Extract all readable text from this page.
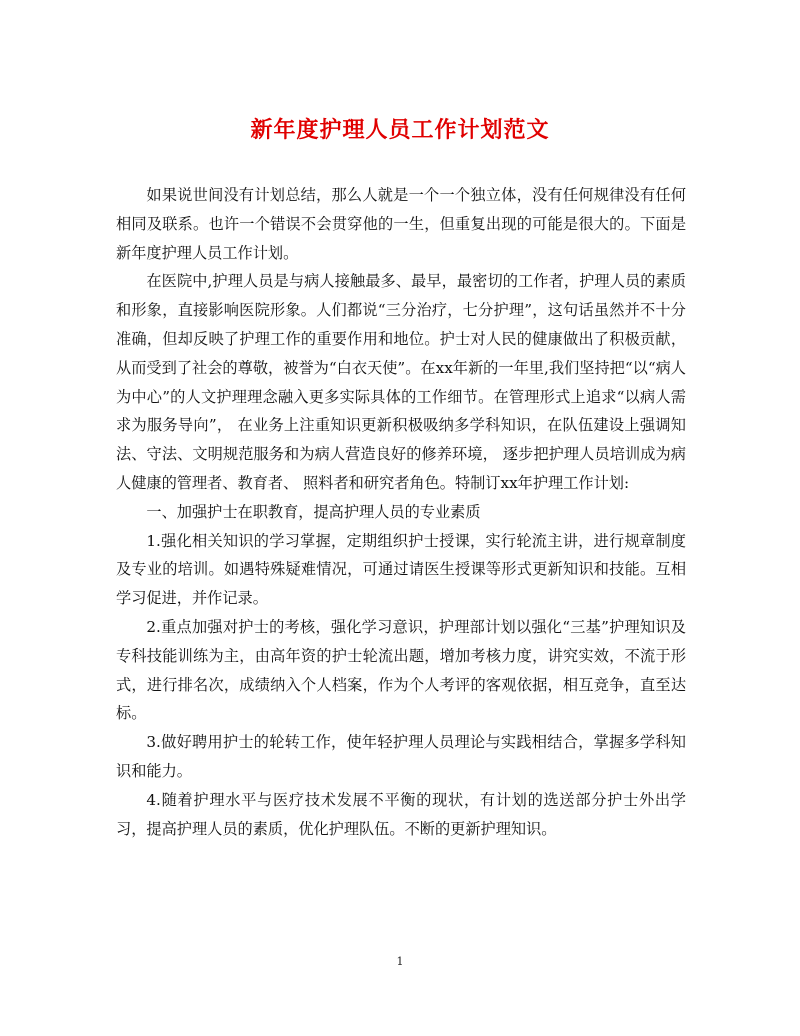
新年度护理人员工作计划范文

如果说世间没有计划总结，那么人就是一个一个独立体，没有任何规律没有任何相同及联系。也许一个错误不会贯穿他的一生，但重复出现的可能是很大的。下面是新年度护理人员工作计划。

在医院中,护理人员是与病人接触最多、最早，最密切的工作者，护理人员的素质和形象，直接影响医院形象。人们都说“三分治疗，七分护理”，这句话虽然并不十分准确，但却反映了护理工作的重要作用和地位。护士对人民的健康做出了积极贡献，从而受到了社会的尊敬，被誉为“白衣天使”。在xx年新的一年里,我们坚持把“以“病人为中心”的人文护理理念融入更多实际具体的工作细节。在管理形式上追求“以病人需求为服务导向”， 在业务上注重知识更新积极吸纳多学科知识，在队伍建设上强调知法、守法、文明规范服务和为病人营造良好的修养环境， 逐步把护理人员培训成为病人健康的管理者、教育者、 照料者和研究者角色。特制订xx年护理工作计划:

一、加强护士在职教育，提高护理人员的专业素质

1.强化相关知识的学习掌握，定期组织护士授课，实行轮流主讲，进行规章制度及专业的培训。如遇特殊疑难情况，可通过请医生授课等形式更新知识和技能。互相学习促进，并作记录。

2.重点加强对护士的考核，强化学习意识，护理部计划以强化“三基”护理知识及专科技能训练为主，由高年资的护士轮流出题，增加考核力度，讲究实效，不流于形式，进行排名次，成绩纳入个人档案，作为个人考评的客观依据，相互竞争，直至达标。

3.做好聘用护士的轮转工作，使年轻护理人员理论与实践相结合，掌握多学科知识和能力。

4.随着护理水平与医疗技术发展不平衡的现状，有计划的选送部分护士外出学习，提高护理人员的素质，优化护理队伍。不断的更新护理知识。

1
